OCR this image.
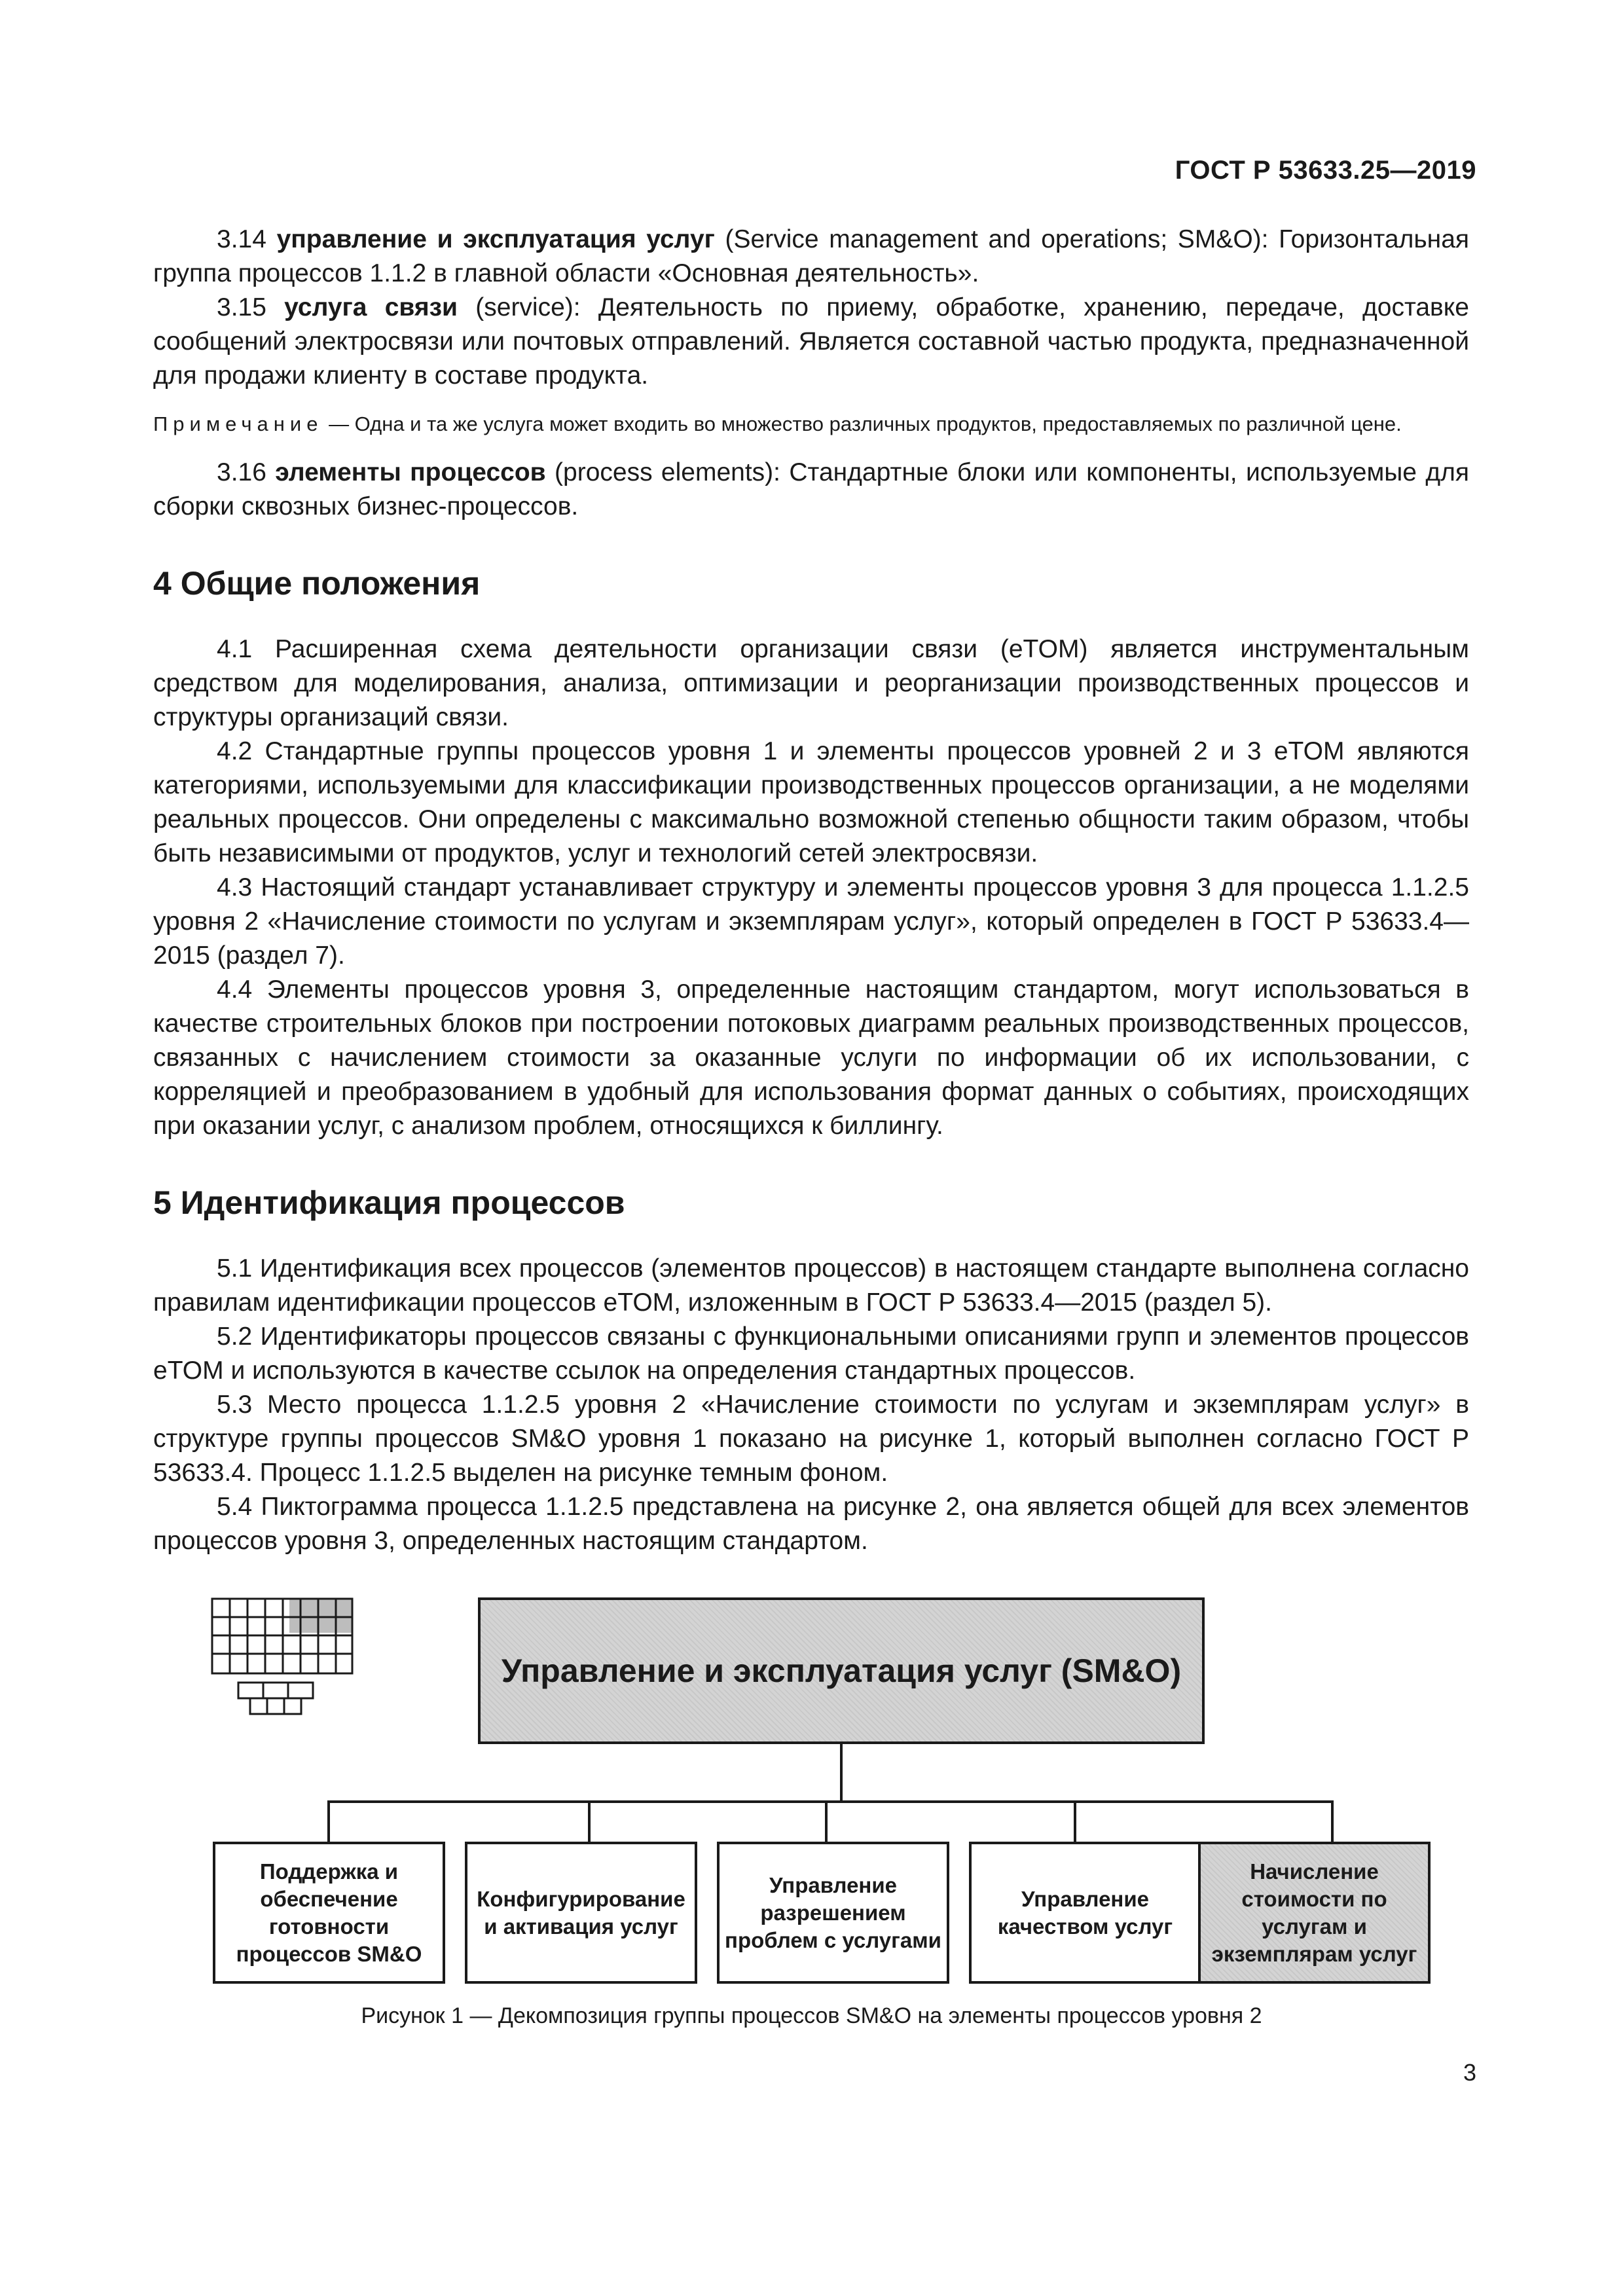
ГОСТ Р 53633.25—2019

3.14 управление и эксплуатация услуг (Service management and operations; SM&O): Горизонтальная группа процессов 1.1.2 в главной области «Основная деятельность».

3.15 услуга связи (service): Деятельность по приему, обработке, хранению, передаче, доставке сообщений электросвязи или почтовых отправлений. Является составной частью продукта, предназначенной для продажи клиенту в составе продукта.

Примечание — Одна и та же услуга может входить во множество различных продуктов, предоставляемых по различной цене.

3.16 элементы процессов (process elements): Стандартные блоки или компоненты, используемые для сборки сквозных бизнес-процессов.

4 Общие положения

4.1 Расширенная схема деятельности организации связи (eTOM) является инструментальным средством для моделирования, анализа, оптимизации и реорганизации производственных процессов и структуры организаций связи.

4.2 Стандартные группы процессов уровня 1 и элементы процессов уровней 2 и 3 eTOM являются категориями, используемыми для классификации производственных процессов организации, а не моделями реальных процессов. Они определены с максимально возможной степенью общности таким образом, чтобы быть независимыми от продуктов, услуг и технологий сетей электросвязи.

4.3 Настоящий стандарт устанавливает структуру и элементы процессов уровня 3 для процесса 1.1.2.5 уровня 2 «Начисление стоимости по услугам и экземплярам услуг», который определен в ГОСТ Р 53633.4—2015 (раздел 7).

4.4 Элементы процессов уровня 3, определенные настоящим стандартом, могут использоваться в качестве строительных блоков при построении потоковых диаграмм реальных производственных процессов, связанных с начислением стоимости за оказанные услуги по информации об их использовании, с корреляцией и преобразованием в удобный для использования формат данных о событиях, происходящих при оказании услуг, с анализом проблем, относящихся к биллингу.

5 Идентификация процессов

5.1 Идентификация всех процессов (элементов процессов) в настоящем стандарте выполнена согласно правилам идентификации процессов eTOM, изложенным в ГОСТ Р 53633.4—2015 (раздел 5).

5.2 Идентификаторы процессов связаны с функциональными описаниями групп и элементов процессов eTOM и используются в качестве ссылок на определения стандартных процессов.

5.3 Место процесса 1.1.2.5 уровня 2 «Начисление стоимости по услугам и экземплярам услуг» в структуре группы процессов SM&O уровня 1 показано на рисунке 1, который выполнен согласно ГОСТ Р 53633.4. Процесс 1.1.2.5 выделен на рисунке темным фоном.

5.4 Пиктограмма процесса 1.1.2.5 представлена на рисунке 2, она является общей для всех элементов процессов уровня 3, определенных настоящим стандартом.

Управление и эксплуатация услуг (SM&O)
Поддержка и обеспечение готовности процессов SM&O
Конфигурирование и активация услуг
Управление разрешением проблем с услугами
Управление качеством услуг
Начисление стоимости по услугам и экземплярам услуг
Рисунок 1 — Декомпозиция группы процессов SM&O на элементы процессов уровня 2
3
